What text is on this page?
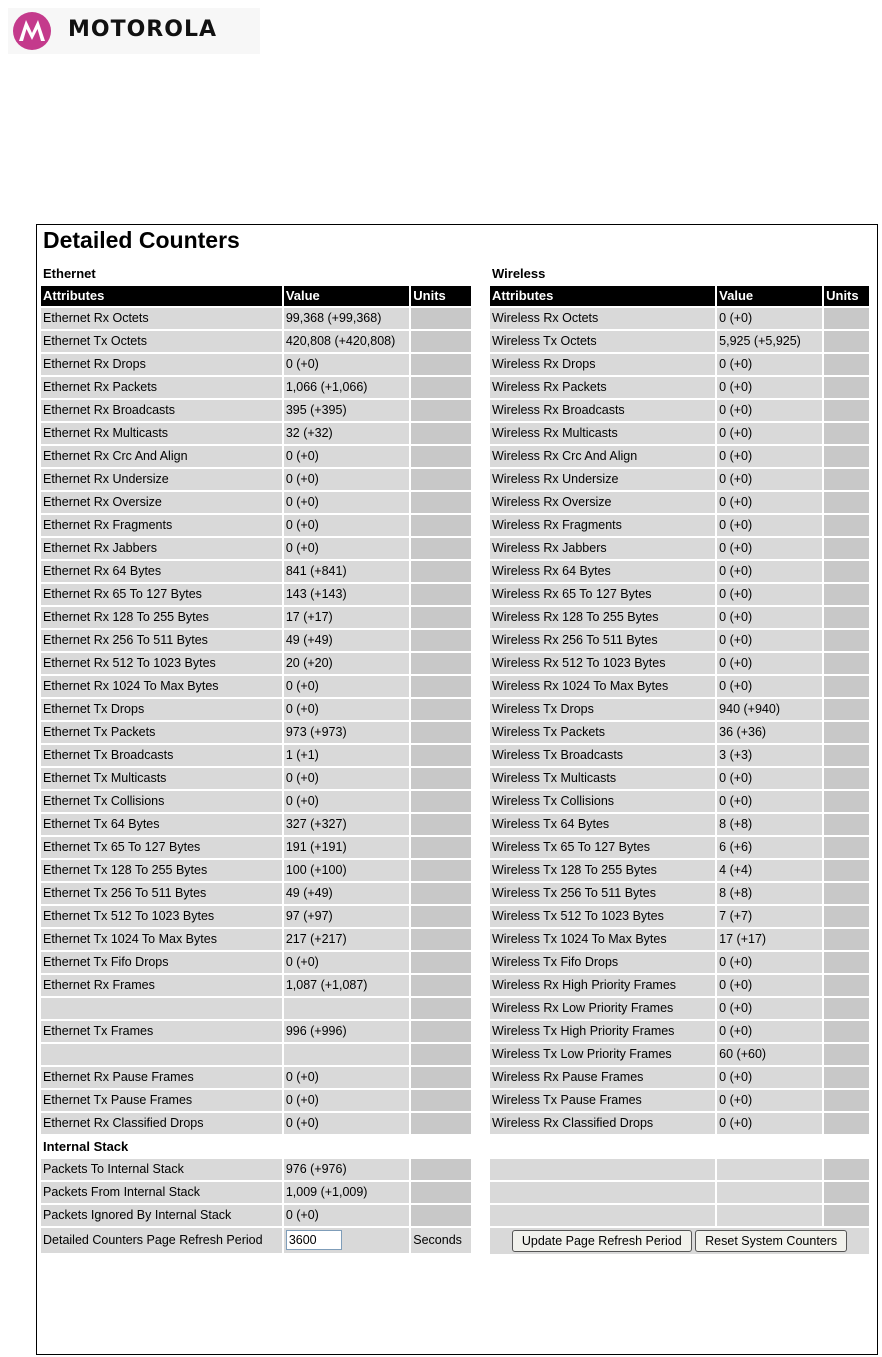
MOTOROLA
Detailed Counters
Ethernet		
Attributes	Value	Units
Ethernet Rx Octets	99,368 (+99,368)	
Ethernet Tx Octets	420,808 (+420,808)	
Ethernet Rx Drops	0 (+0)	
Ethernet Rx Packets	1,066 (+1,066)	
Ethernet Rx Broadcasts	395 (+395)	
Ethernet Rx Multicasts	32 (+32)	
Ethernet Rx Crc And Align	0 (+0)	
Ethernet Rx Undersize	0 (+0)	
Ethernet Rx Oversize	0 (+0)	
Ethernet Rx Fragments	0 (+0)	
Ethernet Rx Jabbers	0 (+0)	
Ethernet Rx 64 Bytes	841 (+841)	
Ethernet Rx 65 To 127 Bytes	143 (+143)	
Ethernet Rx 128 To 255 Bytes	17 (+17)	
Ethernet Rx 256 To 511 Bytes	49 (+49)	
Ethernet Rx 512 To 1023 Bytes	20 (+20)	
Ethernet Rx 1024 To Max Bytes	0 (+0)	
Ethernet Tx Drops	0 (+0)	
Ethernet Tx Packets	973 (+973)	
Ethernet Tx Broadcasts	1 (+1)	
Ethernet Tx Multicasts	0 (+0)	
Ethernet Tx Collisions	0 (+0)	
Ethernet Tx 64 Bytes	327 (+327)	
Ethernet Tx 65 To 127 Bytes	191 (+191)	
Ethernet Tx 128 To 255 Bytes	100 (+100)	
Ethernet Tx 256 To 511 Bytes	49 (+49)	
Ethernet Tx 512 To 1023 Bytes	97 (+97)	
Ethernet Tx 1024 To Max Bytes	217 (+217)	
Ethernet Tx Fifo Drops	0 (+0)	
Ethernet Rx Frames	1,087 (+1,087)	

Ethernet Tx Frames	996 (+996)	

Ethernet Rx Pause Frames	0 (+0)	
Ethernet Tx Pause Frames	0 (+0)	
Ethernet Rx Classified Drops	0 (+0)	
Internal Stack		
Packets To Internal Stack	976 (+976)	
Packets From Internal Stack	1,009 (+1,009)	
Packets Ignored By Internal Stack	0 (+0)	
Detailed Counters Page Refresh Period	3600	Seconds
Wireless		
Attributes	Value	Units
Wireless Rx Octets	0 (+0)	
Wireless Tx Octets	5,925 (+5,925)	
Wireless Rx Drops	0 (+0)	
Wireless Rx Packets	0 (+0)	
Wireless Rx Broadcasts	0 (+0)	
Wireless Rx Multicasts	0 (+0)	
Wireless Rx Crc And Align	0 (+0)	
Wireless Rx Undersize	0 (+0)	
Wireless Rx Oversize	0 (+0)	
Wireless Rx Fragments	0 (+0)	
Wireless Rx Jabbers	0 (+0)	
Wireless Rx 64 Bytes	0 (+0)	
Wireless Rx 65 To 127 Bytes	0 (+0)	
Wireless Rx 128 To 255 Bytes	0 (+0)	
Wireless Rx 256 To 511 Bytes	0 (+0)	
Wireless Rx 512 To 1023 Bytes	0 (+0)	
Wireless Rx 1024 To Max Bytes	0 (+0)	
Wireless Tx Drops	940 (+940)	
Wireless Tx Packets	36 (+36)	
Wireless Tx Broadcasts	3 (+3)	
Wireless Tx Multicasts	0 (+0)	
Wireless Tx Collisions	0 (+0)	
Wireless Tx 64 Bytes	8 (+8)	
Wireless Tx 65 To 127 Bytes	6 (+6)	
Wireless Tx 128 To 255 Bytes	4 (+4)	
Wireless Tx 256 To 511 Bytes	8 (+8)	
Wireless Tx 512 To 1023 Bytes	7 (+7)	
Wireless Tx 1024 To Max Bytes	17 (+17)	
Wireless Tx Fifo Drops	0 (+0)	
Wireless Rx High Priority Frames	0 (+0)	
Wireless Rx Low Priority Frames	0 (+0)	
Wireless Tx High Priority Frames	0 (+0)	
Wireless Tx Low Priority Frames	60 (+60)	
Wireless Rx Pause Frames	0 (+0)	
Wireless Tx Pause Frames	0 (+0)	
Wireless Rx Classified Drops	0 (+0)	

Update Page Refresh Period Reset System Counters		
